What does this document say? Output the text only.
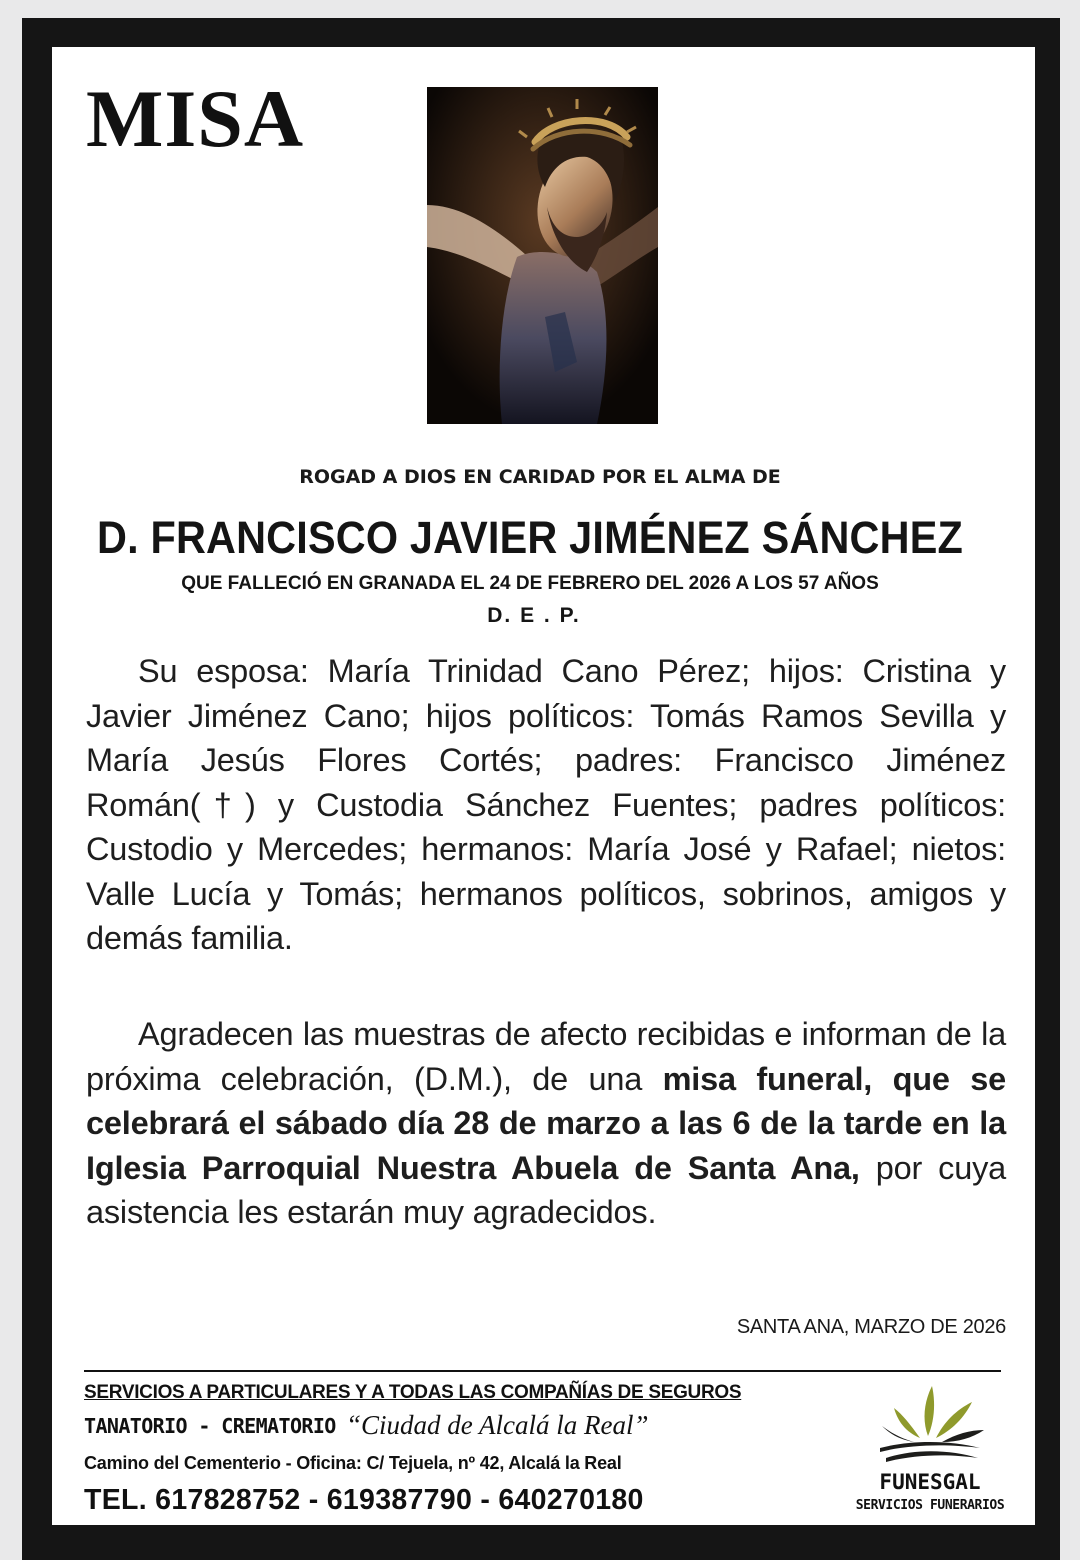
MISA
ROGAD A DIOS EN CARIDAD POR EL ALMA DE
D. FRANCISCO JAVIER JIMÉNEZ SÁNCHEZ
QUE FALLECIÓ EN GRANADA EL 24 DE FEBRERO DEL 2026 A LOS 57 AÑOS
D. E . P.

Su esposa: María Trinidad Cano Pérez; hijos: Cristina y Javier Jiménez Cano; hijos políticos: Tomás Ramos Sevilla y María Jesús Flores Cortés; padres: Francisco Jiménez Román(†) y Custodia Sánchez Fuentes; padres políticos: Custodio y Mercedes; hermanos: María José y Rafael; nietos: Valle Lucía y Tomás; hermanos políticos, sobrinos, amigos y demás familia.

Agradecen las muestras de afecto recibidas e informan de la próxima celebración, (D.M.), de una misa funeral, que se celebrará el sábado día 28 de marzo a las 6 de la tarde en la Iglesia Parroquial Nuestra Abuela de Santa Ana, por cuya asistencia les estarán muy agradecidos.

SANTA ANA, MARZO DE 2026
SERVICIOS A PARTICULARES Y A TODAS LAS COMPAÑÍAS DE SEGUROS
TANATORIO - CREMATORIO “Ciudad de Alcalá la Real”
Camino del Cementerio - Oficina: C/ Tejuela, nº 42, Alcalá la Real
TEL. 617828752 - 619387790 - 640270180
FUNESGAL
SERVICIOS FUNERARIOS
